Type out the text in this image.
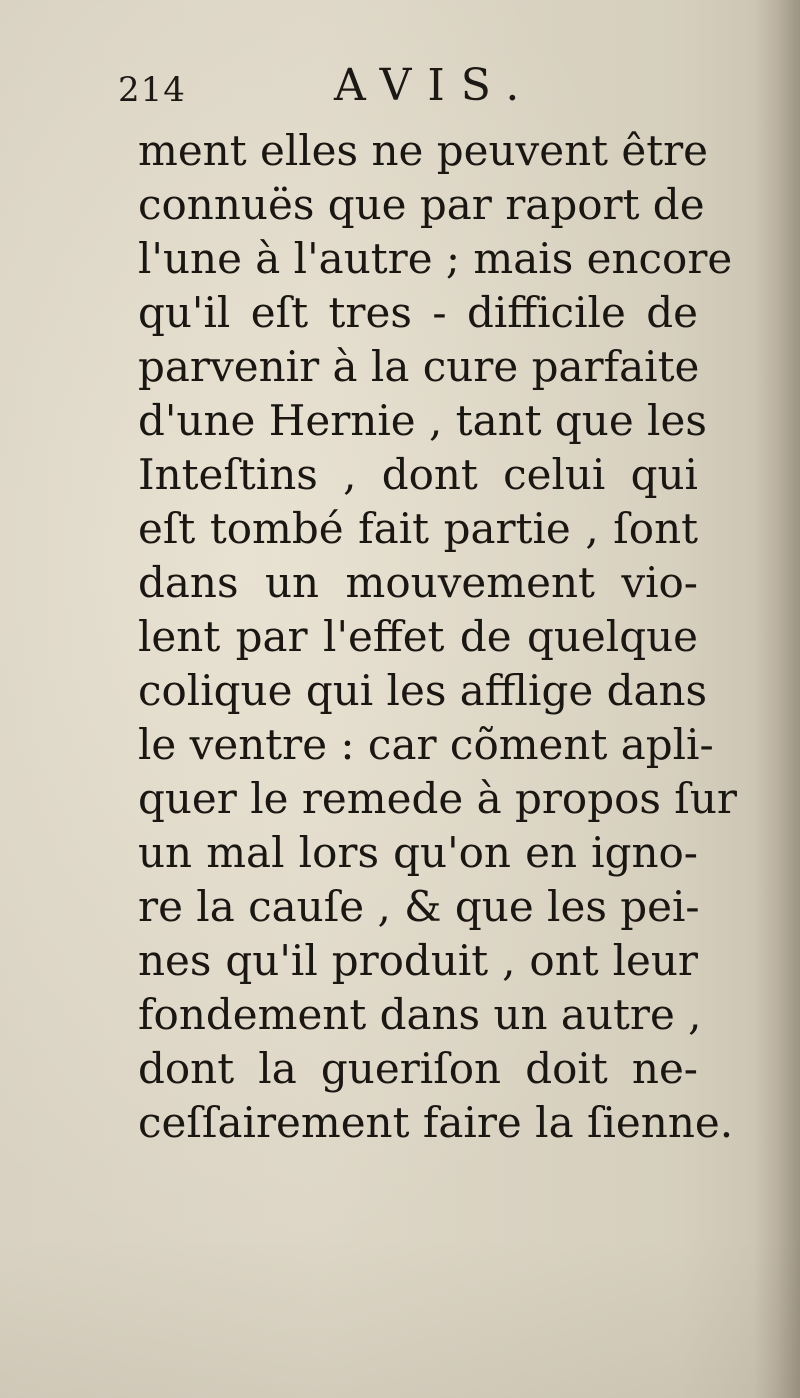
214	AVIS.
ment elles ne peuvent être
connuës que par raport de
l'une à l'autre ; mais encore
qu'il eſt tres - difficile de
parvenir à la cure parfaite
d'une Hernie , tant que les
Inteſtins , dont celui qui
eſt tombé fait partie , ſont
dans un mouvement vio-
lent par l'effet de quelque
colique qui les afflige dans
le ventre : car cõment apli-
quer le remede à propos ſur
un mal lors qu'on en igno-
re la cauſe , & que les pei-
nes qu'il produit , ont leur
fondement dans un autre ,
dont la gueriſon doit ne-
ceſſairement faire la ſienne.
